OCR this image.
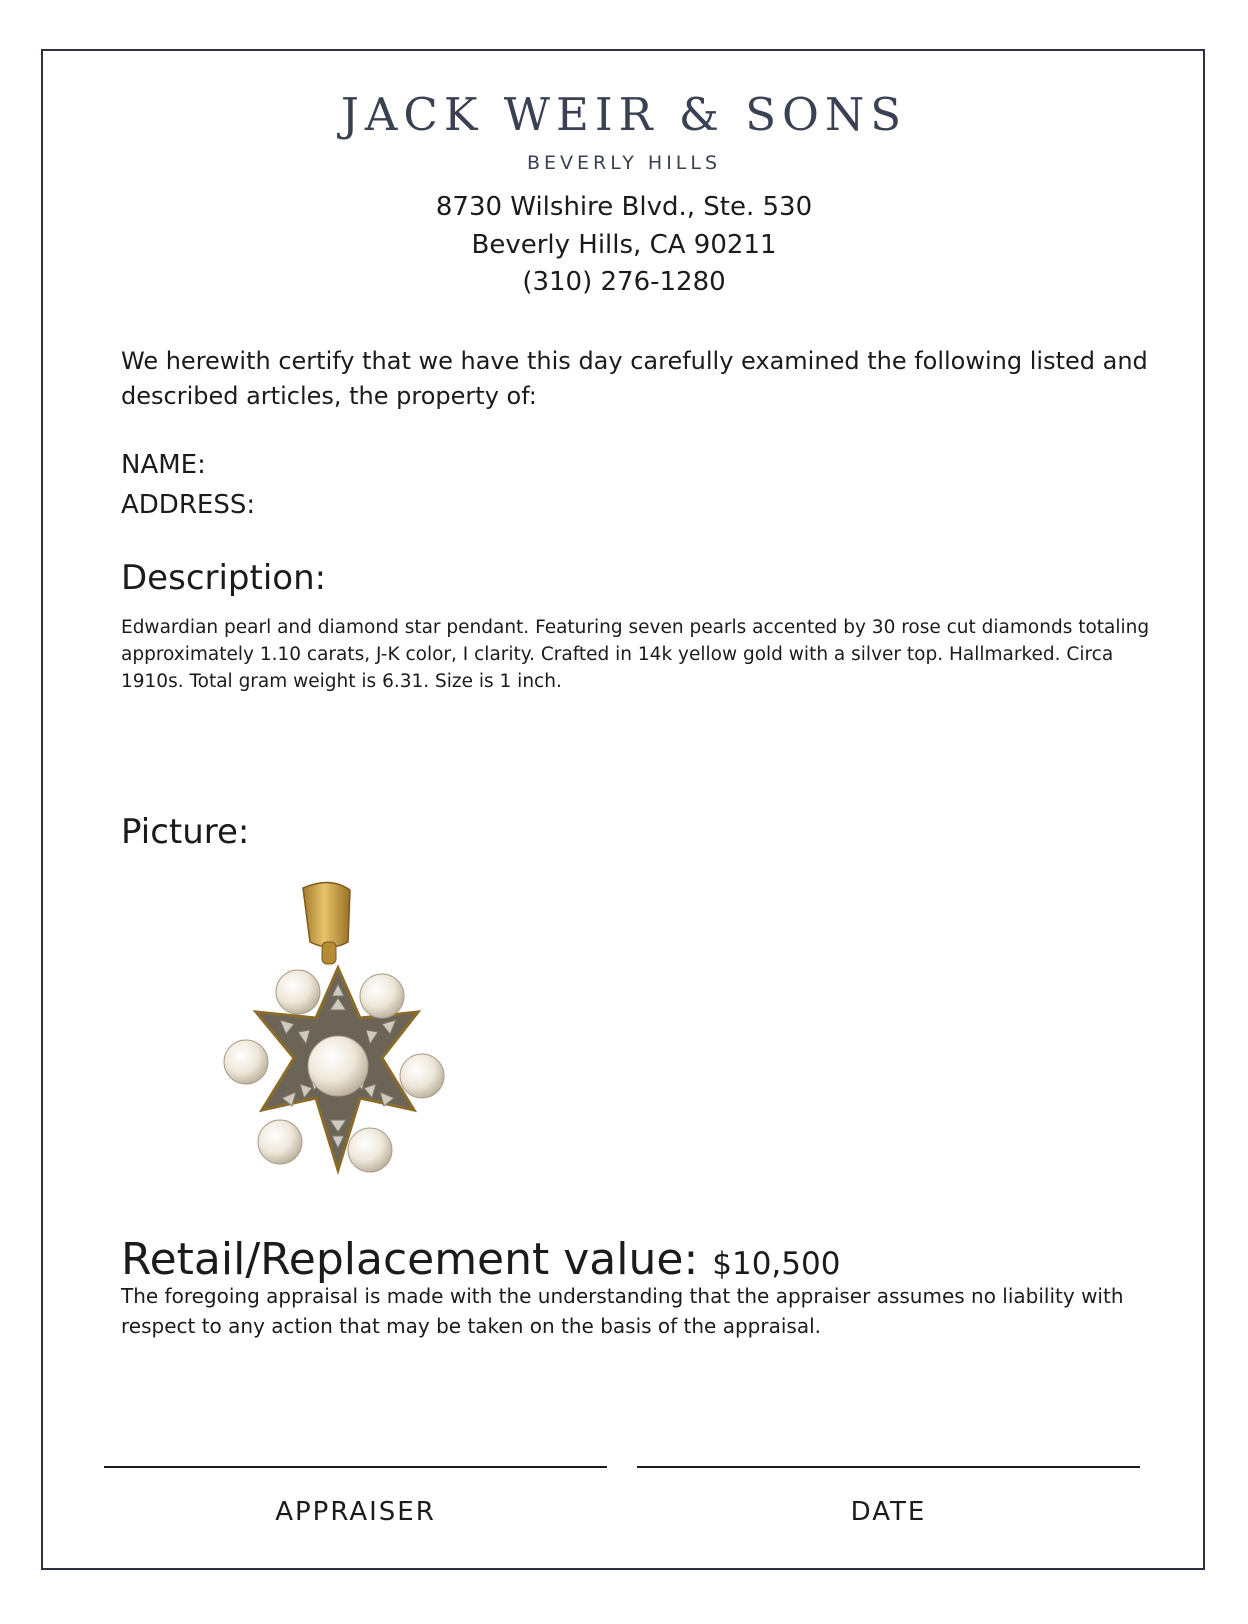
JACK WEIR & SONS
BEVERLY HILLS
8730 Wilshire Blvd., Ste. 530
Beverly Hills, CA 90211
(310) 276-1280
We herewith certify that we have this day carefully examined the following listed and described articles, the property of:
NAME:
ADDRESS:
Description:
Edwardian pearl and diamond star pendant. Featuring seven pearls accented by 30 rose cut diamonds totaling approximately 1.10 carats, J-K color, I clarity. Crafted in 14k yellow gold with a silver top. Hallmarked. Circa 1910s. Total gram weight is 6.31. Size is 1 inch.
Picture:
Retail/Replacement value: $10,500
The foregoing appraisal is made with the understanding that the appraiser assumes no liability with respect to any action that may be taken on the basis of the appraisal.
APPRAISER	DATE
